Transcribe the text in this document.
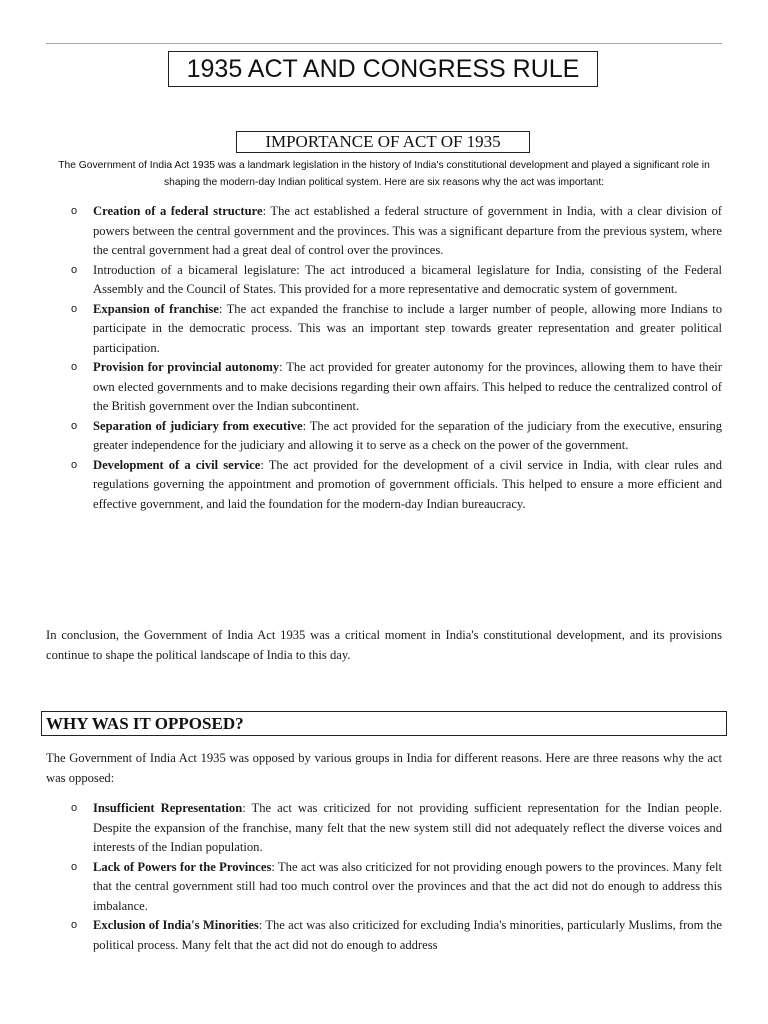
1935 ACT AND CONGRESS RULE
IMPORTANCE OF ACT OF 1935
The Government of India Act 1935 was a landmark legislation in the history of India's constitutional development and played a significant role in shaping the modern-day Indian political system. Here are six reasons why the act was important:
o Creation of a federal structure: The act established a federal structure of government in India, with a clear division of powers between the central government and the provinces. This was a significant departure from the previous system, where the central government had a great deal of control over the provinces.
o Introduction of a bicameral legislature: The act introduced a bicameral legislature for India, consisting of the Federal Assembly and the Council of States. This provided for a more representative and democratic system of government.
o Expansion of franchise: The act expanded the franchise to include a larger number of people, allowing more Indians to participate in the democratic process. This was an important step towards greater representation and greater political participation.
o Provision for provincial autonomy: The act provided for greater autonomy for the provinces, allowing them to have their own elected governments and to make decisions regarding their own affairs. This helped to reduce the centralized control of the British government over the Indian subcontinent.
o Separation of judiciary from executive: The act provided for the separation of the judiciary from the executive, ensuring greater independence for the judiciary and allowing it to serve as a check on the power of the government.
o Development of a civil service: The act provided for the development of a civil service in India, with clear rules and regulations governing the appointment and promotion of government officials. This helped to ensure a more efficient and effective government, and laid the foundation for the modern-day Indian bureaucracy.
In conclusion, the Government of India Act 1935 was a critical moment in India's constitutional development, and its provisions continue to shape the political landscape of India to this day.
WHY WAS IT OPPOSED?
The Government of India Act 1935 was opposed by various groups in India for different reasons. Here are three reasons why the act was opposed:
o Insufficient Representation: The act was criticized for not providing sufficient representation for the Indian people. Despite the expansion of the franchise, many felt that the new system still did not adequately reflect the diverse voices and interests of the Indian population.
o Lack of Powers for the Provinces: The act was also criticized for not providing enough powers to the provinces. Many felt that the central government still had too much control over the provinces and that the act did not do enough to address this imbalance.
o Exclusion of India's Minorities: The act was also criticized for excluding India's minorities, particularly Muslims, from the political process. Many felt that the act did not do enough to address
